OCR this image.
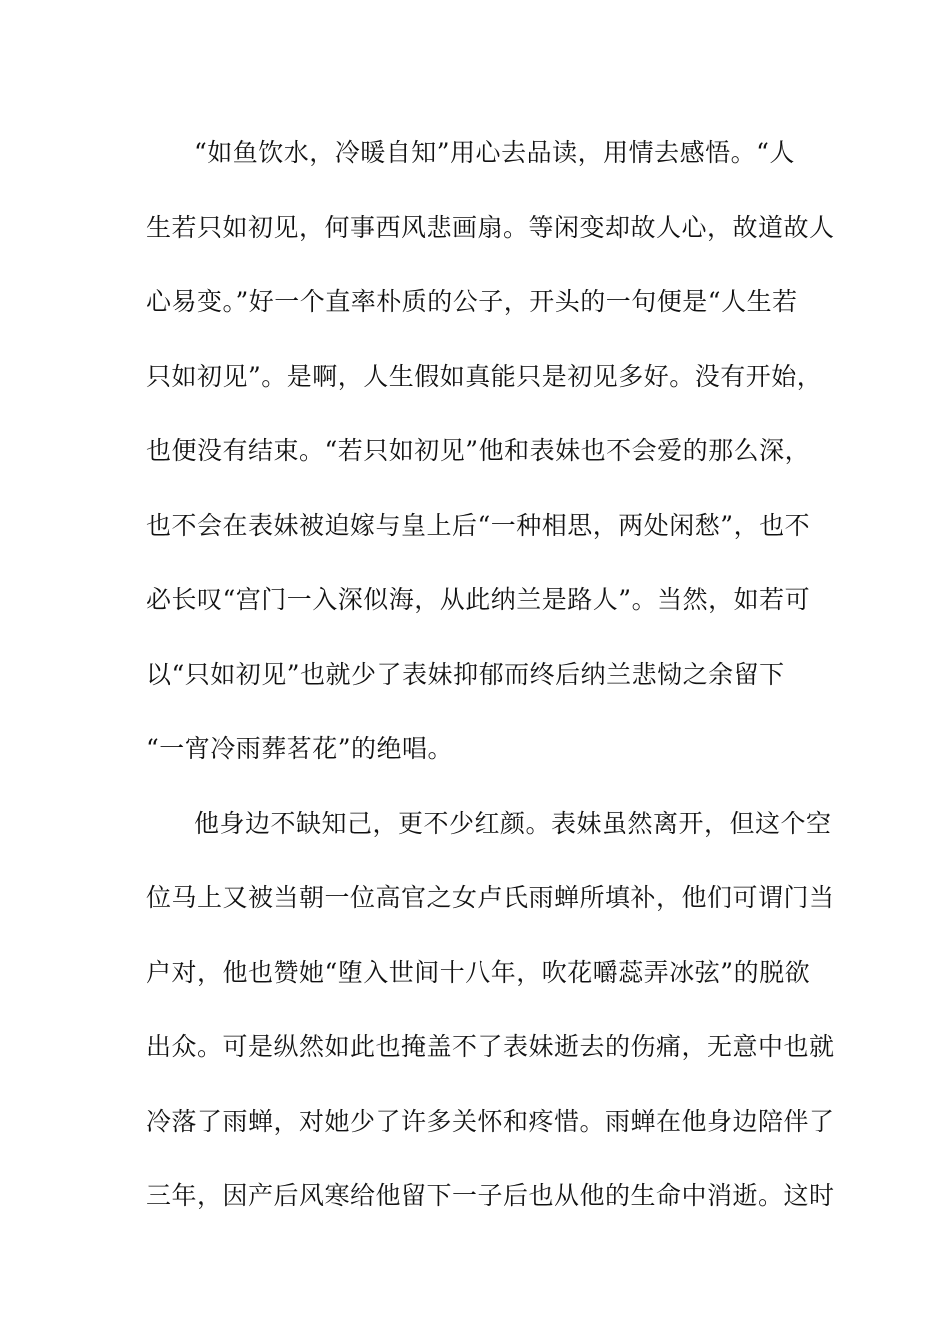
“如鱼饮水，冷暖自知”用心去品读，用情去感悟。“人
生若只如初见，何事西风悲画扇。等闲变却故人心，故道故人
心易变。”好一个直率朴质的公子，开头的一句便是“人生若
只如初见”。是啊，人生假如真能只是初见多好。没有开始，
也便没有结束。“若只如初见”他和表妹也不会爱的那么深，
也不会在表妹被迫嫁与皇上后“一种相思，两处闲愁”，也不
必长叹“宫门一入深似海，从此纳兰是路人”。当然，如若可
以“只如初见”也就少了表妹抑郁而终后纳兰悲恸之余留下
“一宵冷雨葬茗花”的绝唱。
他身边不缺知己，更不少红颜。表妹虽然离开，但这个空
位马上又被当朝一位高官之女卢氏雨蝉所填补，他们可谓门当
户对，他也赞她“堕入世间十八年，吹花嚼蕊弄冰弦”的脱欲
出众。可是纵然如此也掩盖不了表妹逝去的伤痛，无意中也就
冷落了雨蝉，对她少了许多关怀和疼惜。雨蝉在他身边陪伴了
三年，因产后风寒给他留下一子后也从他的生命中消逝。这时
